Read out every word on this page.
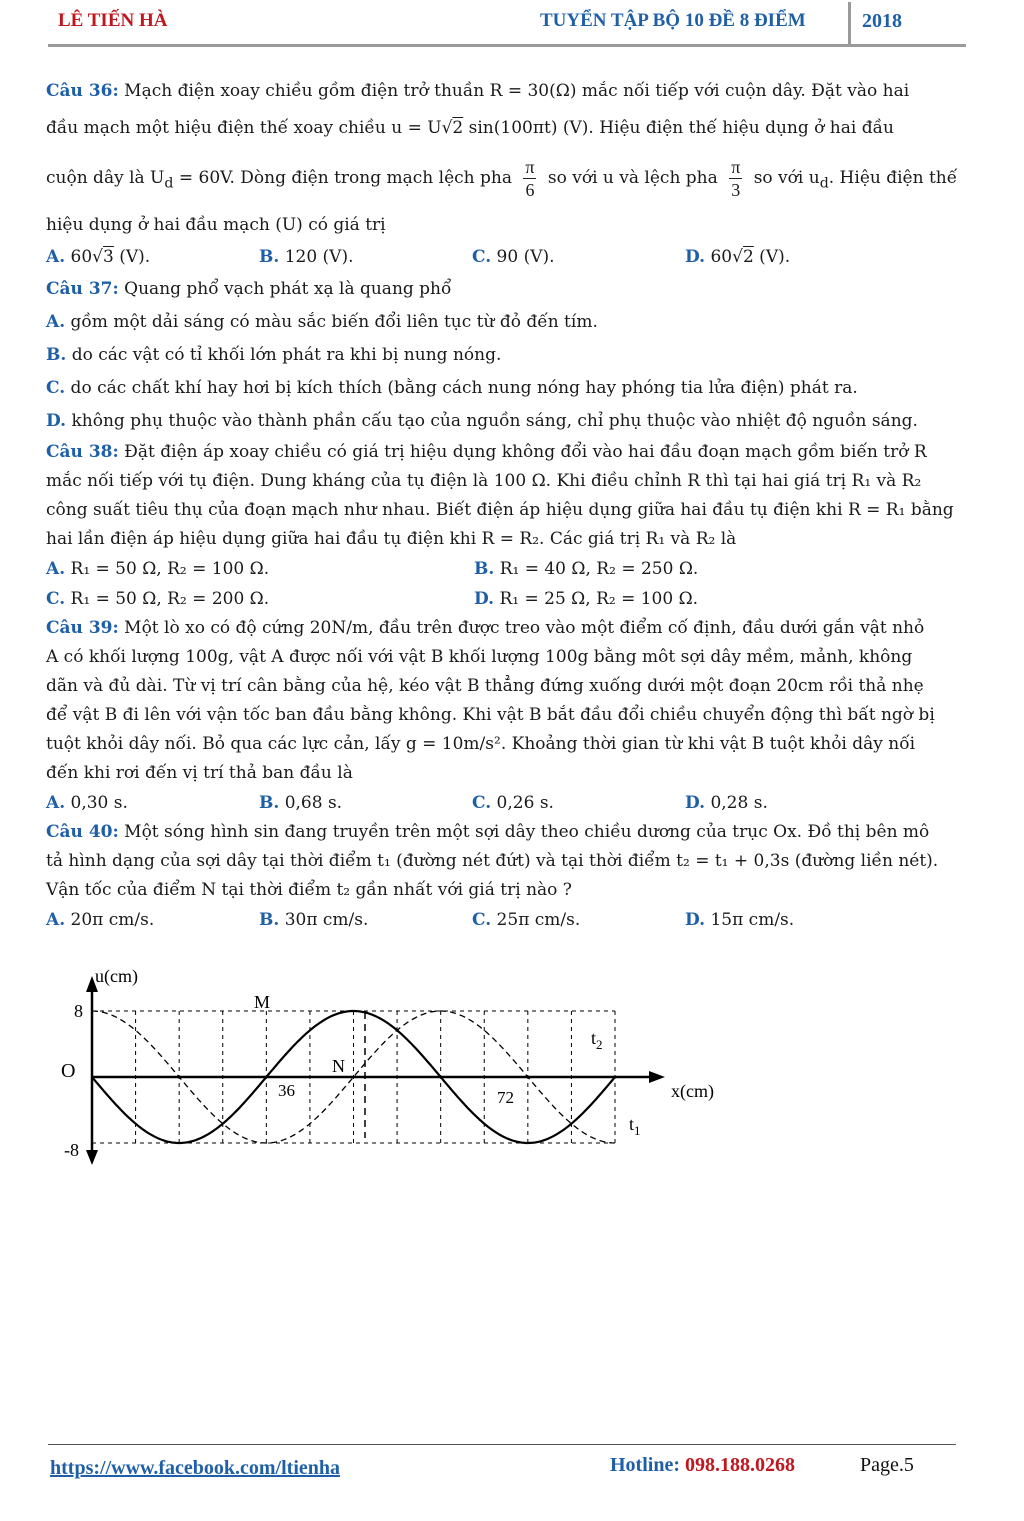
LÊ TIẾN HÀ	TUYỂN TẬP BỘ 10 ĐỀ 8 ĐIỂM	2018
Câu 36: Mạch điện xoay chiều gồm điện trở thuần R = 30(Ω) mắc nối tiếp với cuộn dây. Đặt vào hai
đầu mạch một hiệu điện thế xoay chiều u = U√2 sin(100πt) (V). Hiệu điện thế hiệu dụng ở hai đầu
cuộn dây là $U_d = 60V$. Dòng điện trong mạch lệch pha $\frac{\pi}{6}$ so với u và lệch pha $\frac{\pi}{3}$ so với $u_d$. Hiệu điện thế
hiệu dụng ở hai đầu mạch (U) có giá trị
A. 60√3 (V).	B. 120 (V).	C. 90 (V).	D. 60√2 (V).
Câu 37: Quang phổ vạch phát xạ là quang phổ
A. gồm một dải sáng có màu sắc biến đổi liên tục từ đỏ đến tím.
B. do các vật có tỉ khối lớn phát ra khi bị nung nóng.
C. do các chất khí hay hơi bị kích thích (bằng cách nung nóng hay phóng tia lửa điện) phát ra.
D. không phụ thuộc vào thành phần cấu tạo của nguồn sáng, chỉ phụ thuộc vào nhiệt độ nguồn sáng.
Câu 38: Đặt điện áp xoay chiều có giá trị hiệu dụng không đổi vào hai đầu đoạn mạch gồm biến trở R
mắc nối tiếp với tụ điện. Dung kháng của tụ điện là 100 Ω. Khi điều chỉnh R thì tại hai giá trị R₁ và R₂
công suất tiêu thụ của đoạn mạch như nhau. Biết điện áp hiệu dụng giữa hai đầu tụ điện khi R = R₁ bằng
hai lần điện áp hiệu dụng giữa hai đầu tụ điện khi R = R₂. Các giá trị R₁ và R₂ là
A. R₁ = 50 Ω, R₂ = 100 Ω.	B. R₁ = 40 Ω, R₂ = 250 Ω.
C. R₁ = 50 Ω, R₂ = 200 Ω.	D. R₁ = 25 Ω, R₂ = 100 Ω.
Câu 39: Một lò xo có độ cứng 20N/m, đầu trên được treo vào một điểm cố định, đầu dưới gắn vật nhỏ
A có khối lượng 100g, vật A được nối với vật B khối lượng 100g bằng môt sợi dây mềm, mảnh, không
dãn và đủ dài. Từ vị trí cân bằng của hệ, kéo vật B thẳng đứng xuống dưới một đoạn 20cm rồi thả nhẹ
để vật B đi lên với vận tốc ban đầu bằng không. Khi vật B bắt đầu đổi chiều chuyển động thì bất ngờ bị
tuột khỏi dây nối. Bỏ qua các lực cản, lấy g = 10m/s². Khoảng thời gian từ khi vật B tuột khỏi dây nối
đến khi rơi đến vị trí thả ban đầu là
A. 0,30 s.	B. 0,68 s.	C. 0,26 s.	D. 0,28 s.
Câu 40: Một sóng hình sin đang truyền trên một sợi dây theo chiều dương của trục Ox. Đồ thị bên mô
tả hình dạng của sợi dây tại thời điểm t₁ (đường nét đứt) và tại thời điểm t₂ = t₁ + 0,3s (đường liền nét).
Vận tốc của điểm N tại thời điểm t₂ gần nhất với giá trị nào ?
A. 20π cm/s.	B. 30π cm/s.	C. 25π cm/s.	D. 15π cm/s.
u(cm)
8
O
-8
36	72	x(cm)
M
N
$t_2$
$t_1$
https://www.facebook.com/ltienha	Hotline: 098.188.0268	Page.5
